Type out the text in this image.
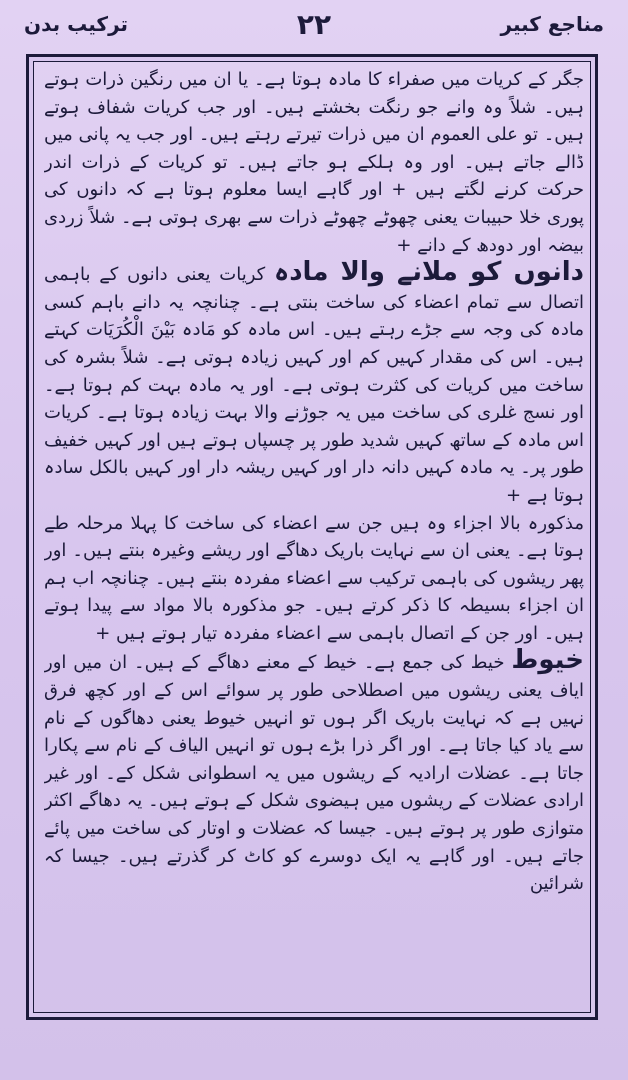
مناجع کبیر
۲۲
ترکیب بدن

جگر کے کریات میں صفراء کا مادہ ہوتا ہے۔ یا ان میں رنگین ذرات ہوتے ہیں۔ شلاً وہ وانے جو رنگت بخشتے ہیں۔ اور جب کریات شفاف ہوتے ہیں۔ تو علی العموم ان میں ذرات تیرتے رہتے ہیں۔ اور جب یہ پانی میں ڈالے جاتے ہیں۔ اور وہ ہلکے ہو جاتے ہیں۔ تو کریات کے ذرات اندر حرکت کرنے لگتے ہیں + اور گاہے ایسا معلوم ہوتا ہے کہ دانوں کی پوری خلا حبیبات یعنی چھوٹے چھوٹے ذرات سے بھری ہوتی ہے۔ شلاً زردی بیضہ اور دودھ کے دانے +

دانوں کو ملانے والا مادہ کریات یعنی دانوں کے باہمی اتصال سے تمام اعضاء کی ساخت بنتی ہے۔ چنانچہ یہ دانے باہم کسی مادہ کی وجہ سے جڑے رہتے ہیں۔ اس مادہ کو مَادہ بَیْنَ الْکُرَیَات کہتے ہیں۔ اس کی مقدار کہیں کم اور کہیں زیادہ ہوتی ہے۔ شلاً بشرہ کی ساخت میں کریات کی کثرت ہوتی ہے۔ اور یہ مادہ بہت کم ہوتا ہے۔ اور نسج غلری کی ساخت میں یہ جوڑنے والا بہت زیادہ ہوتا ہے۔ کریات اس مادہ کے ساتھ کہیں شدید طور پر چسپاں ہوتے ہیں اور کہیں خفیف طور پر۔ یہ مادہ کہیں دانہ دار اور کہیں ریشہ دار اور کہیں بالکل سادہ ہوتا ہے +

مذکورہ بالا اجزاء وہ ہیں جن سے اعضاء کی ساخت کا پہلا مرحلہ طے ہوتا ہے۔ یعنی ان سے نہایت باریک دھاگے اور ریشے وغیرہ بنتے ہیں۔ اور پھر ریشوں کی باہمی ترکیب سے اعضاء مفردہ بنتے ہیں۔ چنانچہ اب ہم ان اجزاء بسیطہ کا ذکر کرتے ہیں۔ جو مذکورہ بالا مواد سے پیدا ہوتے ہیں۔ اور جن کے اتصال باہمی سے اعضاء مفردہ تیار ہوتے ہیں +

خیوط خیط کی جمع ہے۔ خیط کے معنے دھاگے کے ہیں۔ ان میں اور ایاف یعنی ریشوں میں اصطلاحی طور پر سوائے اس کے اور کچھ فرق نہیں ہے کہ نہایت باریک اگر ہوں تو انہیں خیوط یعنی دھاگوں کے نام سے یاد کیا جاتا ہے۔ اور اگر ذرا بڑے ہوں تو انہیں الیاف کے نام سے پکارا جاتا ہے۔ عضلات ارادیہ کے ریشوں میں یہ اسطوانی شکل کے۔ اور غیر ارادی عضلات کے ریشوں میں ہیضوی شکل کے ہوتے ہیں۔ یہ دھاگے اکثر متوازی طور پر ہوتے ہیں۔ جیسا کہ عضلات و اوتار کی ساخت میں پائے جاتے ہیں۔ اور گاہے یہ ایک دوسرے کو کاٹ کر گذرتے ہیں۔ جیسا کہ شرائین
